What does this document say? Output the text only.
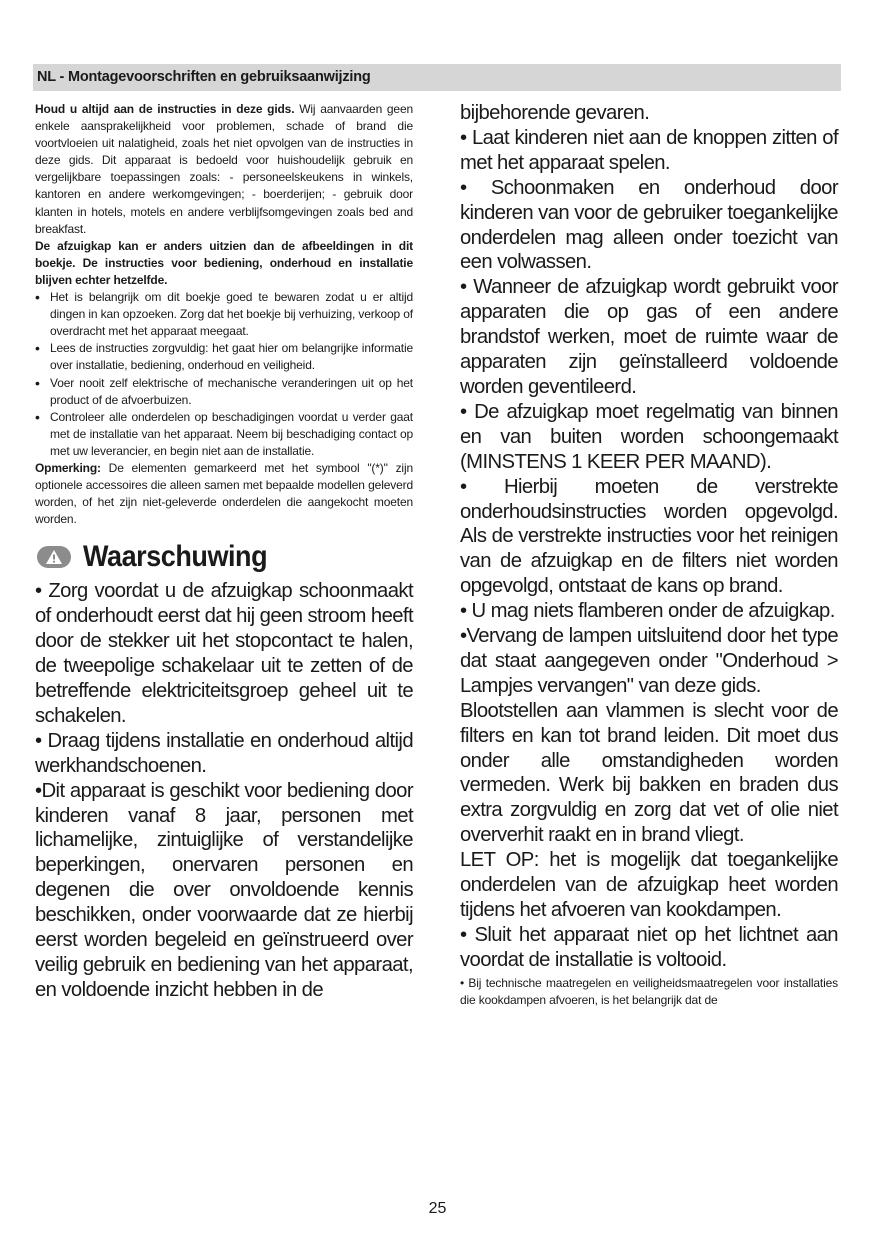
NL - Montagevoorschriften en gebruiksaanwijzing

Houd u altijd aan de instructies in deze gids. Wij aanvaarden geen enkele aansprakelijkheid voor problemen, schade of brand die voortvloeien uit nalatigheid, zoals het niet opvolgen van de instructies in deze gids. Dit apparaat is bedoeld voor huishoudelijk gebruik en vergelijkbare toepassingen zoals: - personeelskeukens in winkels, kantoren en andere werkomgevingen; - boerderijen; - gebruik door klanten in hotels, motels en andere verblijfsomgevingen zoals bed and breakfast.

De afzuigkap kan er anders uitzien dan de afbeeldingen in dit boekje. De instructies voor bediening, onderhoud en installatie blijven echter hetzelfde.

• Het is belangrijk om dit boekje goed te bewaren zodat u er altijd dingen in kan opzoeken. Zorg dat het boekje bij verhuizing, verkoop of overdracht met het apparaat meegaat.
• Lees de instructies zorgvuldig: het gaat hier om belangrijke informatie over installatie, bediening, onderhoud en veiligheid.
• Voer nooit zelf elektrische of mechanische veranderingen uit op het product of de afvoerbuizen.
• Controleer alle onderdelen op beschadigingen voordat u verder gaat met de installatie van het apparaat. Neem bij beschadiging contact op met uw leverancier, en begin niet aan de installatie.

Opmerking: De elementen gemarkeerd met het symbool "(*)" zijn optionele accessoires die alleen samen met bepaalde modellen geleverd worden, of het zijn niet-geleverde onderdelen die aangekocht moeten worden.

Waarschuwing

• Zorg voordat u de afzuigkap schoonmaakt of onderhoudt eerst dat hij geen stroom heeft door de stekker uit het stopcontact te halen, de tweepolige schakelaar uit te zetten of de betreffende elektriciteitsgroep geheel uit te schakelen.

• Draag tijdens installatie en onderhoud altijd werkhandschoenen.

•Dit apparaat is geschikt voor bediening door kinderen vanaf 8 jaar, personen met lichamelijke, zintuiglijke of verstandelijke beperkingen, onervaren personen en degenen die over onvoldoende kennis beschikken, onder voorwaarde dat ze hierbij eerst worden begeleid en geïnstrueerd over veilig gebruik en bediening van het apparaat, en voldoende inzicht hebben in de

bijbehorende gevaren.

• Laat kinderen niet aan de knoppen zitten of met het apparaat spelen.

• Schoonmaken en onderhoud door kinderen van voor de gebruiker toegankelijke onderdelen mag alleen onder toezicht van een volwassen.

• Wanneer de afzuigkap wordt gebruikt voor apparaten die op gas of een andere brandstof werken, moet de ruimte waar de apparaten zijn geïnstalleerd voldoende worden geventileerd.

• De afzuigkap moet regelmatig van binnen en van buiten worden schoongemaakt (MINSTENS 1 KEER PER MAAND).

• Hierbij moeten de verstrekte onderhoudsinstructies worden opgevolgd. Als de verstrekte instructies voor het reinigen van de afzuigkap en de filters niet worden opgevolgd, ontstaat de kans op brand.

• U mag niets flamberen onder de afzuigkap.

•Vervang de lampen uitsluitend door het type dat staat aangegeven onder "Onderhoud > Lampjes vervangen" van deze gids.

Blootstellen aan vlammen is slecht voor de filters en kan tot brand leiden. Dit moet dus onder alle omstandigheden worden vermeden. Werk bij bakken en braden dus extra zorgvuldig en zorg dat vet of olie niet oververhit raakt en in brand vliegt.

LET OP: het is mogelijk dat toegankelijke onderdelen van de afzuigkap heet worden tijdens het afvoeren van kookdampen.

• Sluit het apparaat niet op het lichtnet aan voordat de installatie is voltooid.

• Bij technische maatregelen en veiligheidsmaatregelen voor installaties die kookdampen afvoeren, is het belangrijk dat de

25
